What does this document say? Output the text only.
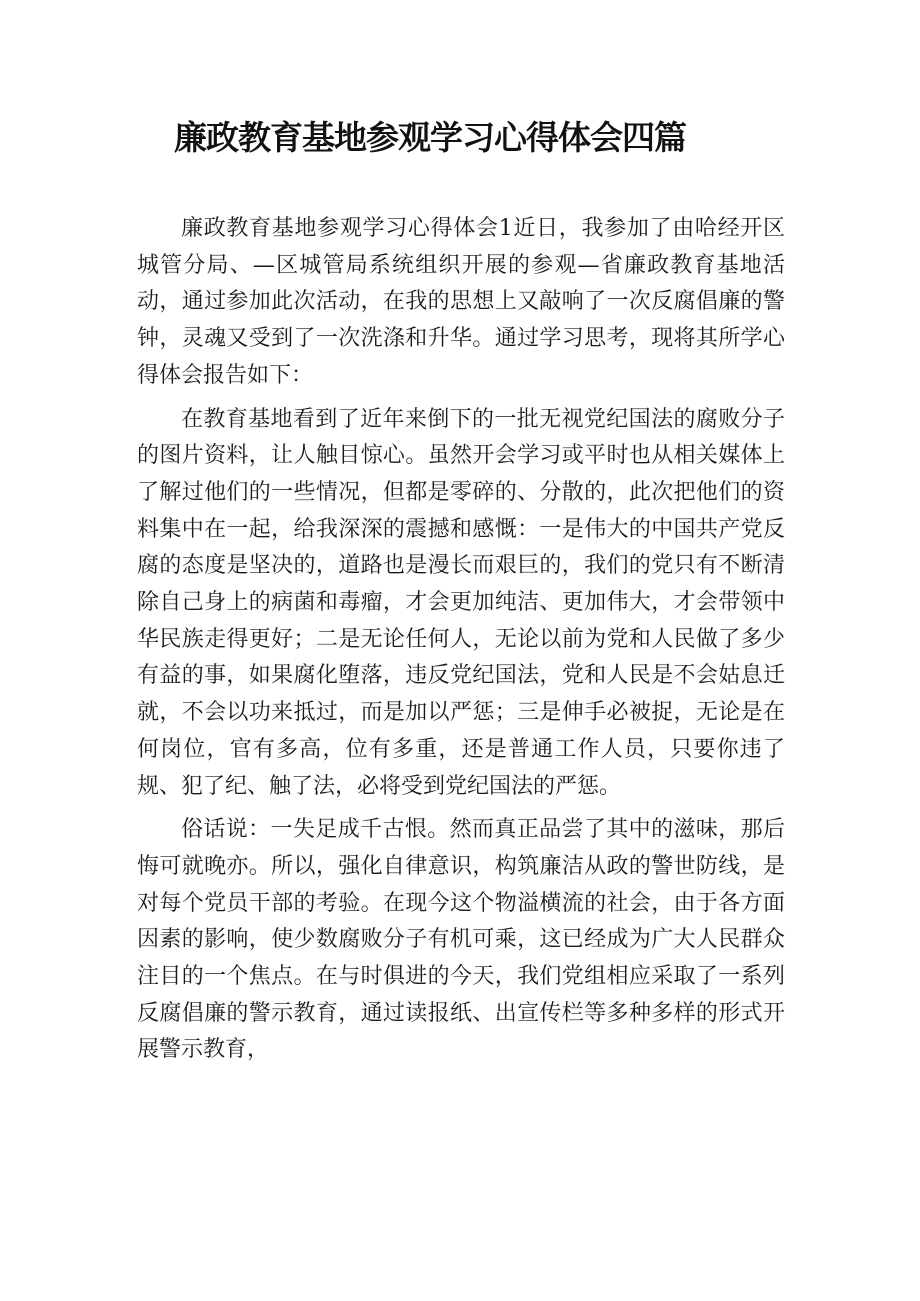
廉政教育基地参观学习心得体会四篇

廉政教育基地参观学习心得体会1近日，我参加了由哈经开区城管分局、—区城管局系统组织开展的参观—省廉政教育基地活动，通过参加此次活动，在我的思想上又敲响了一次反腐倡廉的警钟，灵魂又受到了一次洗涤和升华。通过学习思考，现将其所学心得体会报告如下：

在教育基地看到了近年来倒下的一批无视党纪国法的腐败分子的图片资料，让人触目惊心。虽然开会学习或平时也从相关媒体上了解过他们的一些情况，但都是零碎的、分散的，此次把他们的资料集中在一起，给我深深的震撼和感慨：一是伟大的中国共产党反腐的态度是坚决的，道路也是漫长而艰巨的，我们的党只有不断清除自己身上的病菌和毒瘤，才会更加纯洁、更加伟大，才会带领中华民族走得更好；二是无论任何人，无论以前为党和人民做了多少有益的事，如果腐化堕落，违反党纪国法，党和人民是不会姑息迁就，不会以功来抵过，而是加以严惩；三是伸手必被捉，无论是在何岗位，官有多高，位有多重，还是普通工作人员，只要你违了规、犯了纪、触了法，必将受到党纪国法的严惩。

俗话说：一失足成千古恨。然而真正品尝了其中的滋味，那后悔可就晚亦。所以，强化自律意识，构筑廉洁从政的警世防线，是对每个党员干部的考验。在现今这个物溢横流的社会，由于各方面因素的影响，使少数腐败分子有机可乘，这已经成为广大人民群众注目的一个焦点。在与时俱进的今天，我们党组相应采取了一系列反腐倡廉的警示教育，通过读报纸、出宣传栏等多种多样的形式开展警示教育，
